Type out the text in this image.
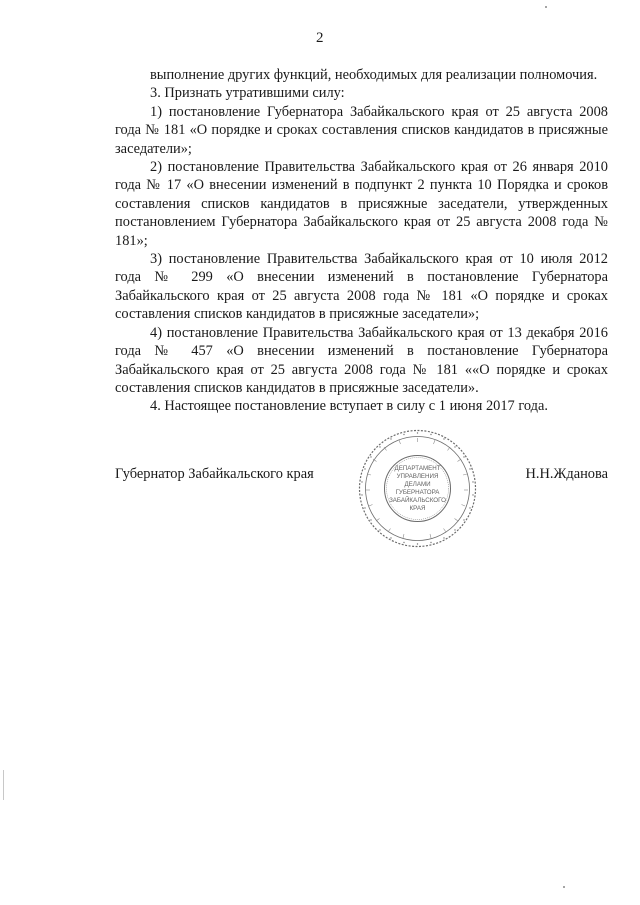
2

выполнение других функций, необходимых для реализации полномочия.

3. Признать утратившими силу:

1) постановление Губернатора Забайкальского края от 25 августа 2008 года № 181 «О порядке и сроках составления списков кандидатов в присяжные заседатели»;

2) постановление Правительства Забайкальского края от 26 января 2010 года № 17 «О внесении изменений в подпункт 2 пункта 10 Порядка и сроков составления списков кандидатов в присяжные заседатели, утвержденных постановлением Губернатора Забайкальского края от 25 августа 2008 года № 181»;

3) постановление Правительства Забайкальского края от 10 июля 2012 года № 299 «О внесении изменений в постановление Губернатора Забайкальского края от 25 августа 2008 года № 181 «О порядке и сроках составления списков кандидатов в присяжные заседатели»;

4) постановление Правительства Забайкальского края от 13 декабря 2016 года № 457 «О внесении изменений в постановление Губернатора Забайкальского края от 25 августа 2008 года № 181 ««О порядке и сроках составления списков кандидатов в присяжные заседатели».

4. Настоящее постановление вступает в силу с 1 июня 2017 года.

Губернатор Забайкальского края	ДЕПАРТАМЕНТ
УПРАВЛЕНИЯ
ДЕЛАМИ
ГУБЕРНАТОРА
ЗАБАЙКАЛЬСКОГО
КРАЯ
Н.Н.Жданова
